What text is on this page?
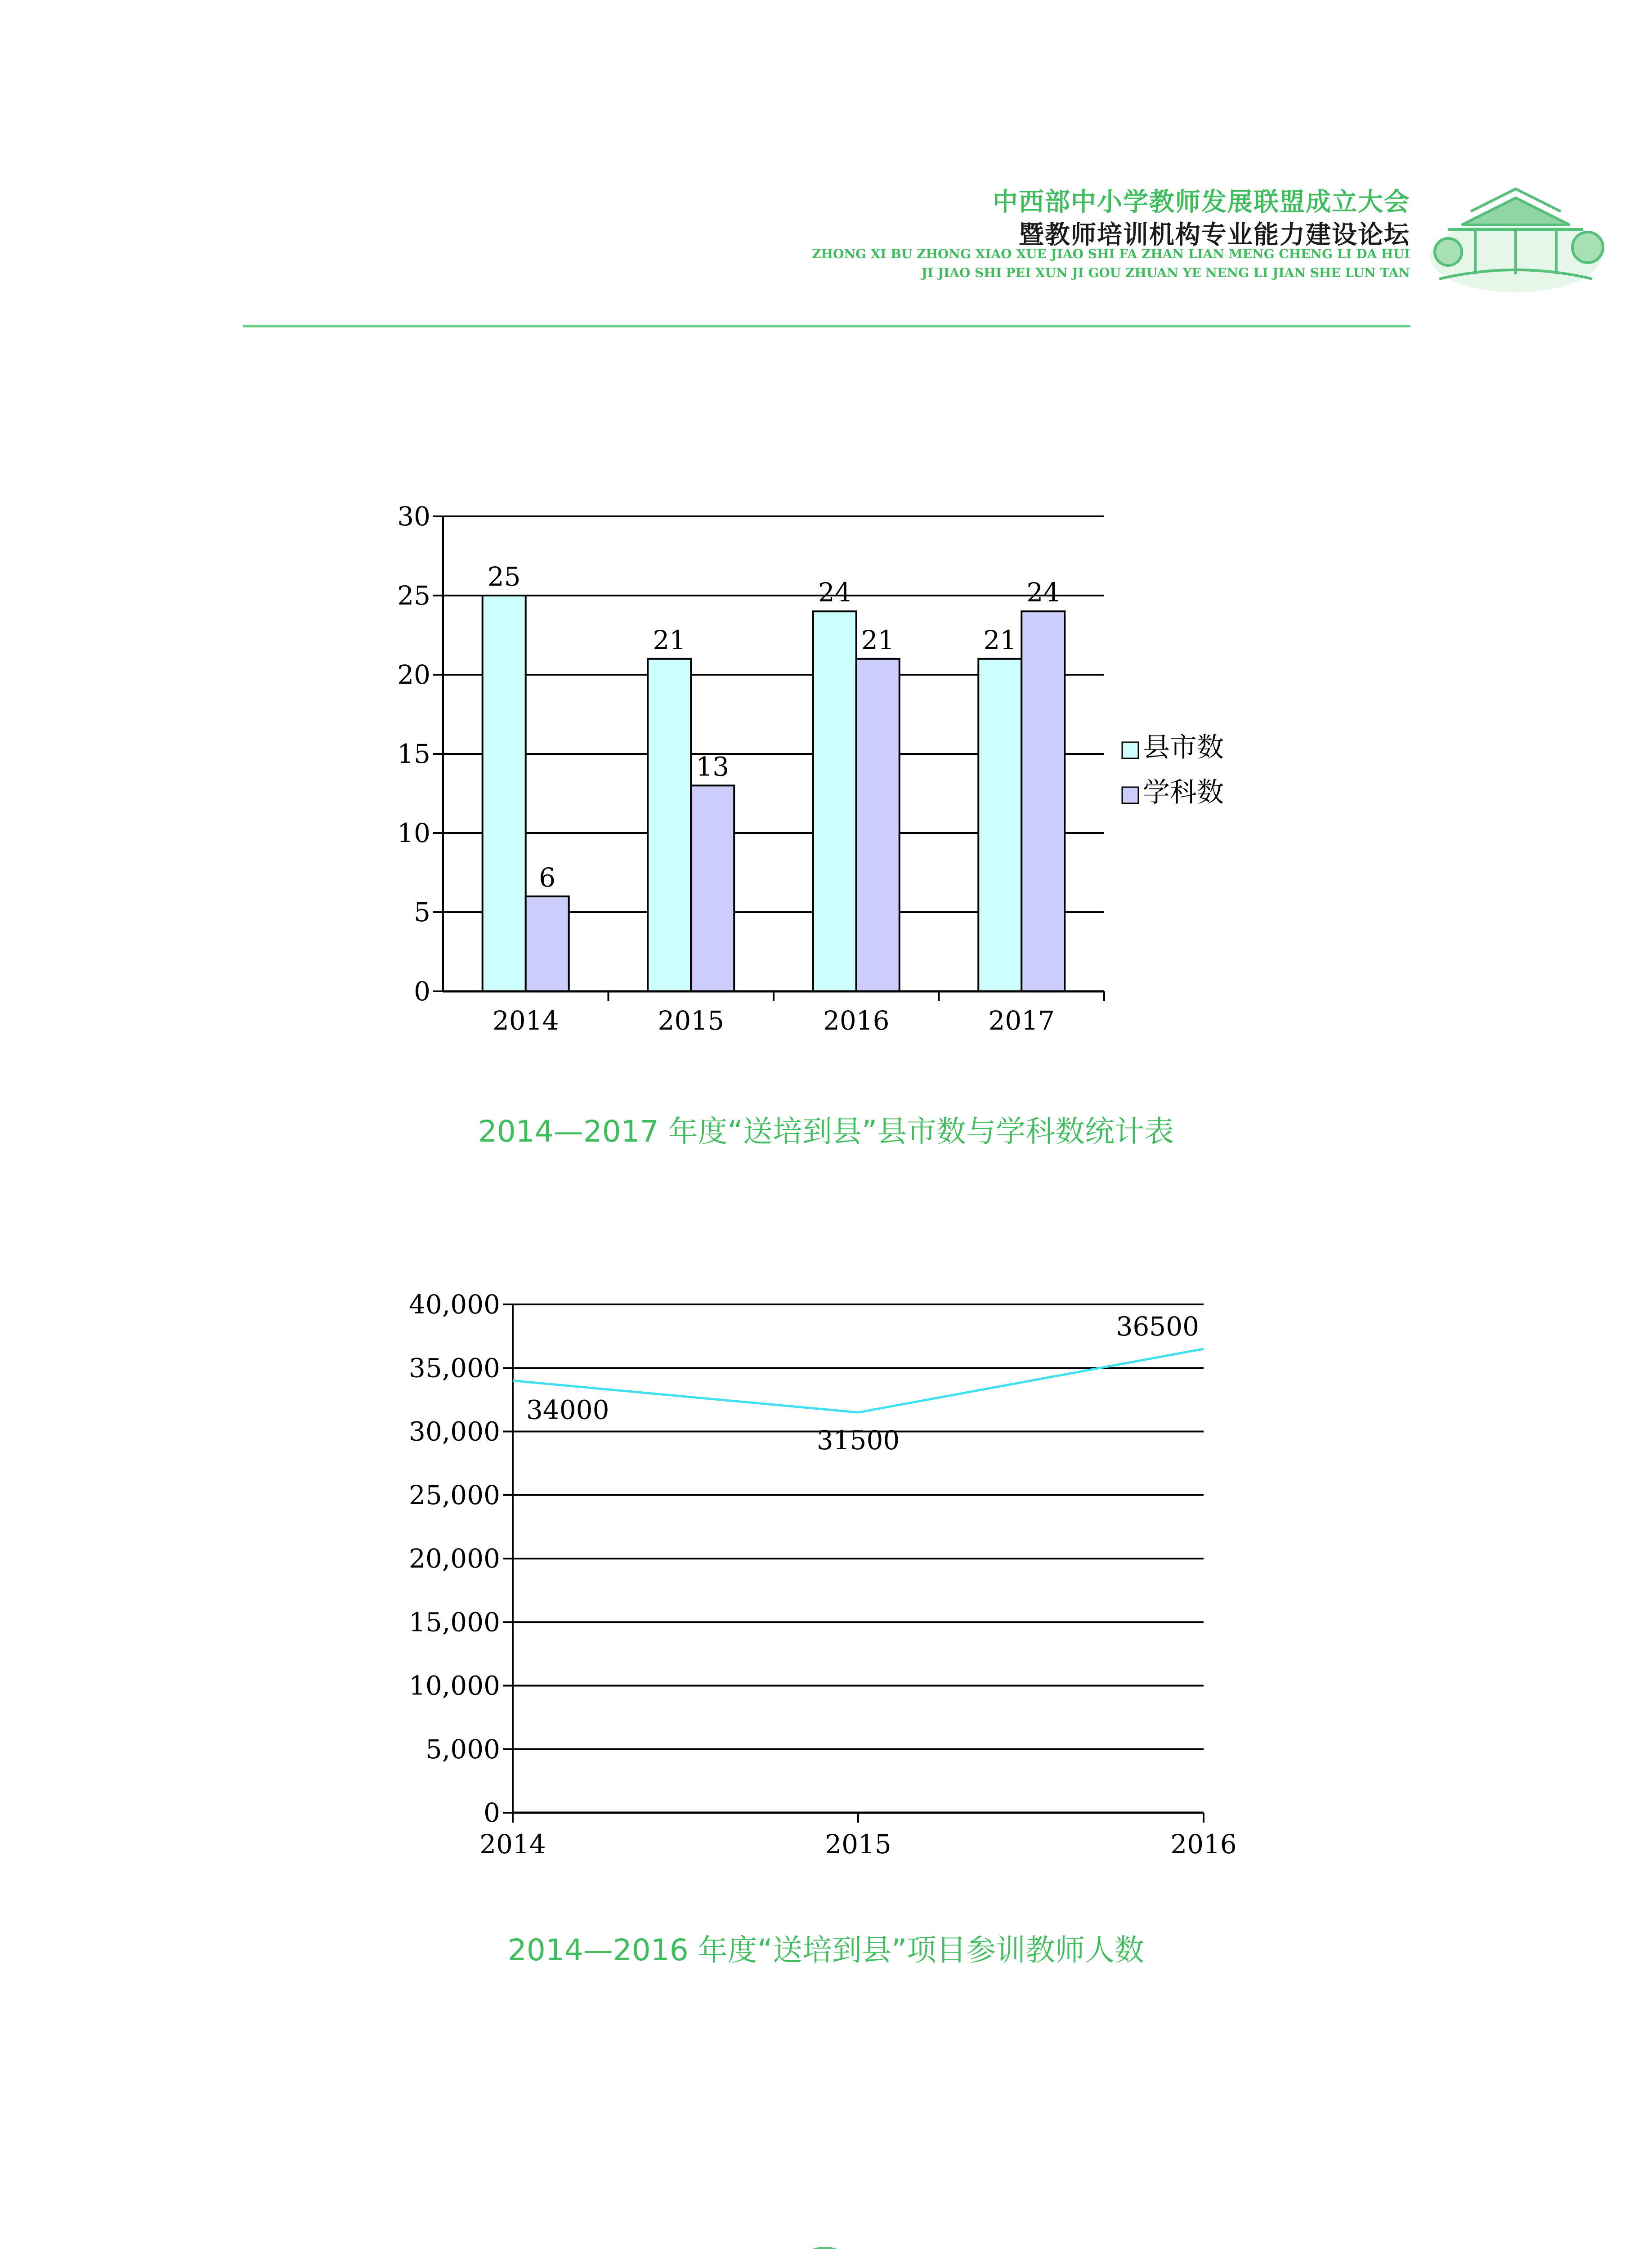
中西部中小学教师发展联盟成立大会
暨教师培训机构专业能力建设论坛
ZHONG XI BU ZHONG XIAO XUE JIAO SHI FA ZHAN LIAN MENG CHENG LI DA HUI
JI JIAO SHI PEI XUN JI GOU ZHUAN YE NENG LI JIAN SHE LUN TAN
0
5
10
15
20
25
30
2014
25
6
2015
21
13
2016
24
21
2017
21
24
县市数
学科数
2014—2017 年度“送培到县”县市数与学科数统计表
0
5,000
10,000
15,000
20,000
25,000
30,000
35,000
40,000
2014	2015	2016
34000
31500
36500
2014—2016 年度“送培到县”项目参训教师人数
